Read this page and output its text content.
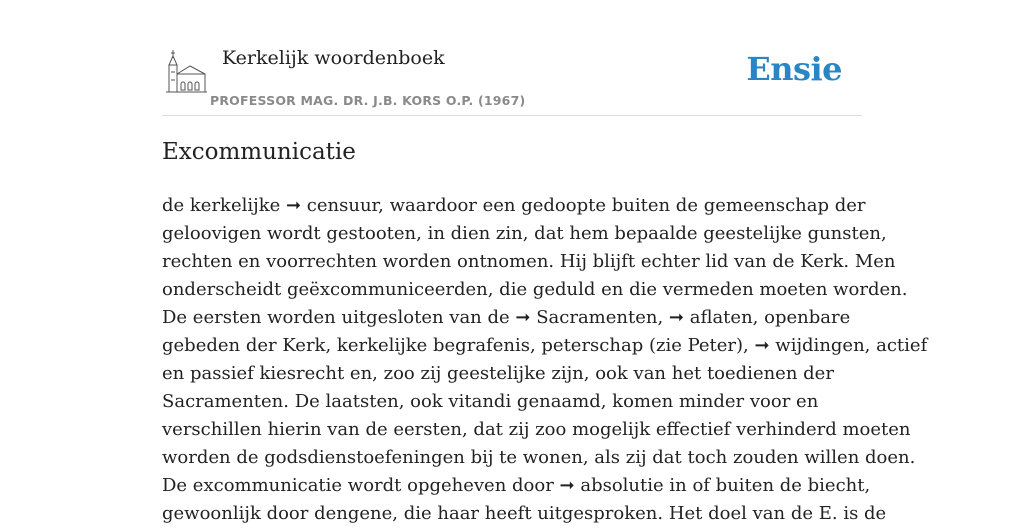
Kerkelijk woordenboek
PROFESSOR MAG. DR. J.B. KORS O.P. (1967)
Ensie
Excommunicatie

de kerkelijke ➞ censuur, waardoor een gedoopte buiten de gemeenschap der
geloovigen wordt gestooten, in dien zin, dat hem bepaalde geestelijke gunsten,
rechten en voorrechten worden ontnomen. Hij blijft echter lid van de Kerk. Men
onderscheidt geëxcommuniceerden, die geduld en die vermeden moeten worden.
De eersten worden uitgesloten van de ➞ Sacramenten, ➞ aflaten, openbare
gebeden der Kerk, kerkelijke begrafenis, peterschap (zie Peter), ➞ wijdingen, actief
en passief kiesrecht en, zoo zij geestelijke zijn, ook van het toedienen der
Sacramenten. De laatsten, ook vitandi genaamd, komen minder voor en
verschillen hierin van de eersten, dat zij zoo mogelijk effectief verhinderd moeten
worden de godsdienstoefeningen bij te wonen, als zij dat toch zouden willen doen.
De excommunicatie wordt opgeheven door ➞ absolutie in of buiten de biecht,
gewoonlijk door dengene, die haar heeft uitgesproken. Het doel van de E. is de
